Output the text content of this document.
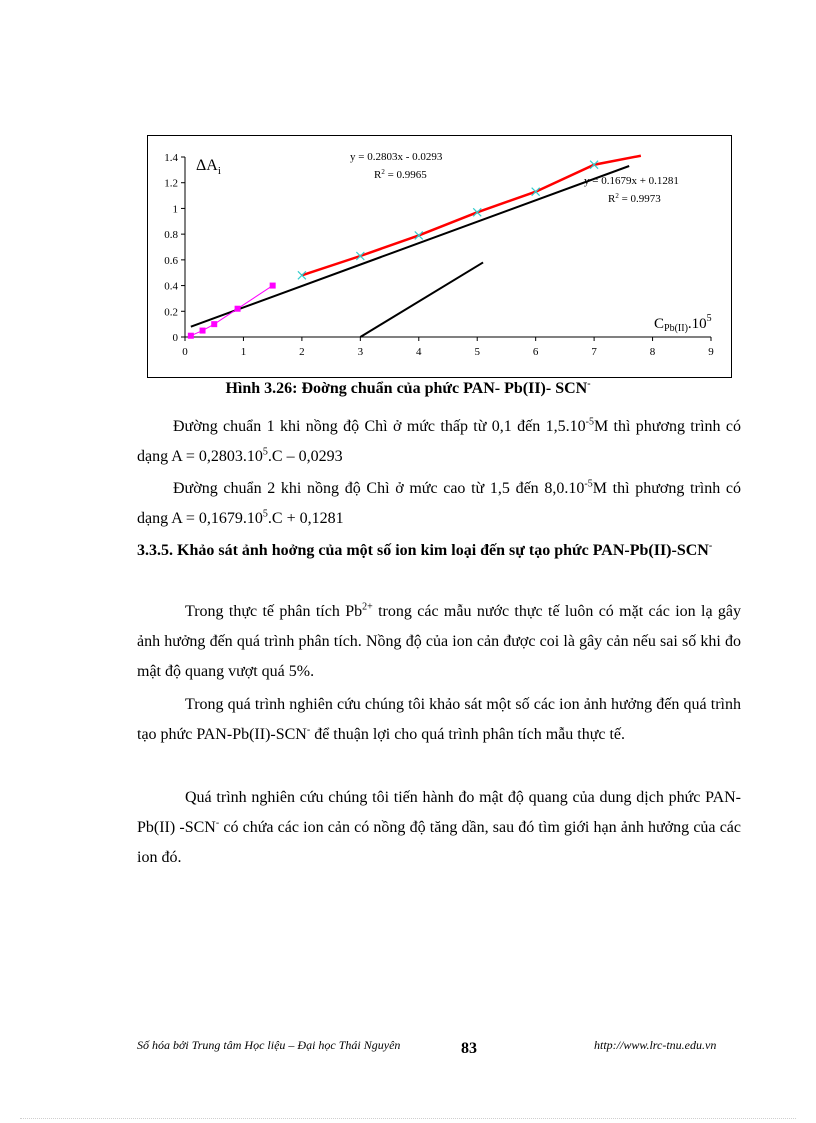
0	1	2	3	4	5	6	7	8	9
0
0.2
0.4
0.6
0.8
1
1.2
1.4 $\Delta A_i$
$C_{Pb(II)}.10^5$
y = 0.2803x - 0.0293
$R^2 = 0.9965$	y = 0.1679x + 0.1281
$R^2 = 0.9973$
Hình 3.26: Đoờng chuẩn của phức PAN- Pb(II)- SCN-

Đường chuẩn 1 khi nồng độ Chì ở mức thấp từ 0,1 đến $1,5.10^{-5}M$ thì phương trình có dạng $A = 0,2803.10^5.C - 0,0293$

Đường chuẩn 2 khi nồng độ Chì ở mức cao từ 1,5 đến $8,0.10^{-5}M$ thì phương trình có dạng $A = 0,1679.10^5.C + 0,1281$

3.3.5. Khảo sát ảnh hoởng của một số ion kim loại đến sự tạo phức PAN-Pb(II)-SCN-

Trong thực tế phân tích $Pb^{2+}$ trong các mẫu nước thực tế luôn có mặt các ion lạ gây ảnh hưởng đến quá trình phân tích. Nồng độ của ion cản được coi là gây cản nếu sai số khi đo mật độ quang vượt quá 5%.

Trong quá trình nghiên cứu chúng tôi khảo sát một số các ion ảnh hưởng đến quá trình tạo phức PAN-Pb(II)-SCN- để thuận lợi cho quá trình phân tích mẫu thực tế.

Quá trình nghiên cứu chúng tôi tiến hành đo mật độ quang của dung dịch phức PAN- Pb(II) -SCN- có chứa các ion cản có nồng độ tăng dần, sau đó tìm giới hạn ảnh hưởng của các ion đó.

Số hóa bởi Trung tâm Học liệu – Đại học Thái Nguyên	83	http://www.lrc-tnu.edu.vn
